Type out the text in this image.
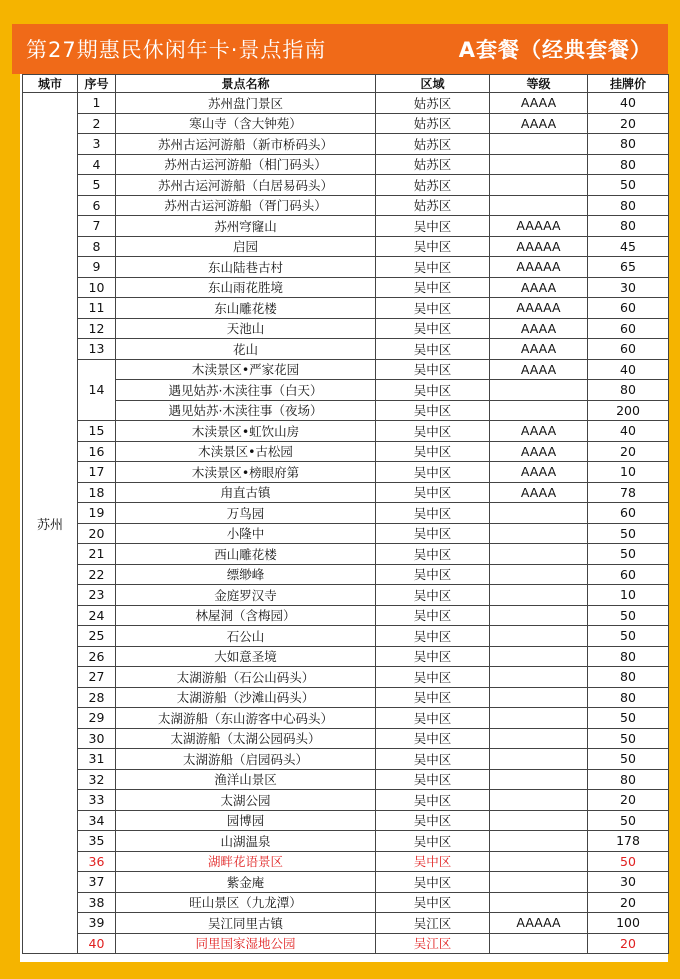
第27期惠民休闲年卡·景点指南	A套餐（经典套餐）
城市	序号	景点名称	区域	等级	挂牌价
苏州	1	苏州盘门景区	姑苏区	AAAA	40
	2	寒山寺（含大钟苑）	姑苏区	AAAA	20
	3	苏州古运河游船（新市桥码头）	姑苏区		80
	4	苏州古运河游船（相门码头）	姑苏区		80
	5	苏州古运河游船（白居易码头）	姑苏区		50
	6	苏州古运河游船（胥门码头）	姑苏区		80
	7	苏州穹窿山	吴中区	AAAAA	80
	8	启园	吴中区	AAAAA	45
	9	东山陆巷古村	吴中区	AAAAA	65
	10	东山雨花胜境	吴中区	AAAA	30
	11	东山雕花楼	吴中区	AAAAA	60
	12	天池山	吴中区	AAAA	60
	13	花山	吴中区	AAAA	60
	14	木渎景区•严家花园	吴中区	AAAA	40
		遇见姑苏·木渎往事（白天）	吴中区		80
		遇见姑苏·木渎往事（夜场）	吴中区		200
	15	木渎景区•虹饮山房	吴中区	AAAA	40
	16	木渎景区•古松园	吴中区	AAAA	20
	17	木渎景区•榜眼府第	吴中区	AAAA	10
	18	甪直古镇	吴中区	AAAA	78
	19	万鸟园	吴中区		60
	20	小隆中	吴中区		50
	21	西山雕花楼	吴中区		50
	22	缥缈峰	吴中区		60
	23	金庭罗汉寺	吴中区		10
	24	林屋洞（含梅园）	吴中区		50
	25	石公山	吴中区		50
	26	大如意圣境	吴中区		80
	27	太湖游船（石公山码头）	吴中区		80
	28	太湖游船（沙滩山码头）	吴中区		80
	29	太湖游船（东山游客中心码头）	吴中区		50
	30	太湖游船（太湖公园码头）	吴中区		50
	31	太湖游船（启园码头）	吴中区		50
	32	渔洋山景区	吴中区		80
	33	太湖公园	吴中区		20
	34	园博园	吴中区		50
	35	山湖温泉	吴中区		178
	36	湖畔花语景区	吴中区		50
	37	紫金庵	吴中区		30
	38	旺山景区（九龙潭）	吴中区		20
	39	吴江同里古镇	吴江区	AAAAA	100
	40	同里国家湿地公园	吴江区		20
